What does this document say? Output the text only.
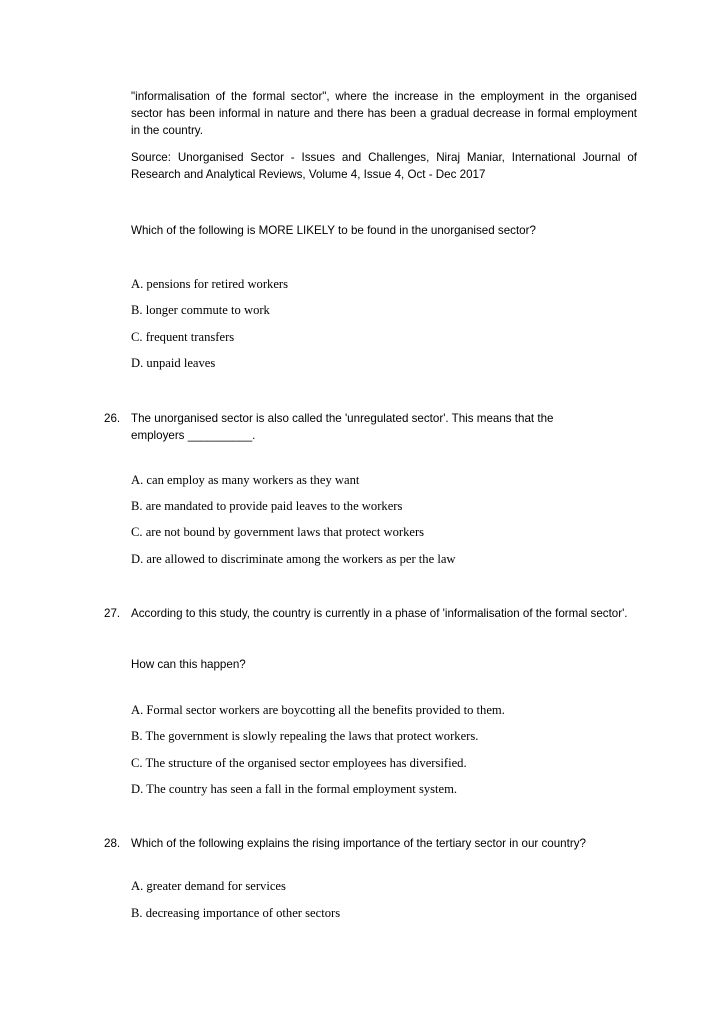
"informalisation of the formal sector", where the increase in the employment in the organised sector has been informal in nature and there has been a gradual decrease in formal employment in the country.

Source: Unorganised Sector - Issues and Challenges, Niraj Maniar, International Journal of Research and Analytical Reviews, Volume 4, Issue 4, Oct - Dec 2017

Which of the following is MORE LIKELY to be found in the unorganised sector?

A. pensions for retired workers

B. longer commute to work

C. frequent transfers

D. unpaid leaves

26. The unorganised sector is also called the 'unregulated sector'. This means that the employers __________.

A. can employ as many workers as they want

B. are mandated to provide paid leaves to the workers

C. are not bound by government laws that protect workers

D. are allowed to discriminate among the workers as per the law

27. According to this study, the country is currently in a phase of 'informalisation of the formal sector'.

How can this happen?

A. Formal sector workers are boycotting all the benefits provided to them.

B. The government is slowly repealing the laws that protect workers.

C. The structure of the organised sector employees has diversified.

D. The country has seen a fall in the formal employment system.

28. Which of the following explains the rising importance of the tertiary sector in our country?

A. greater demand for services

B. decreasing importance of other sectors
